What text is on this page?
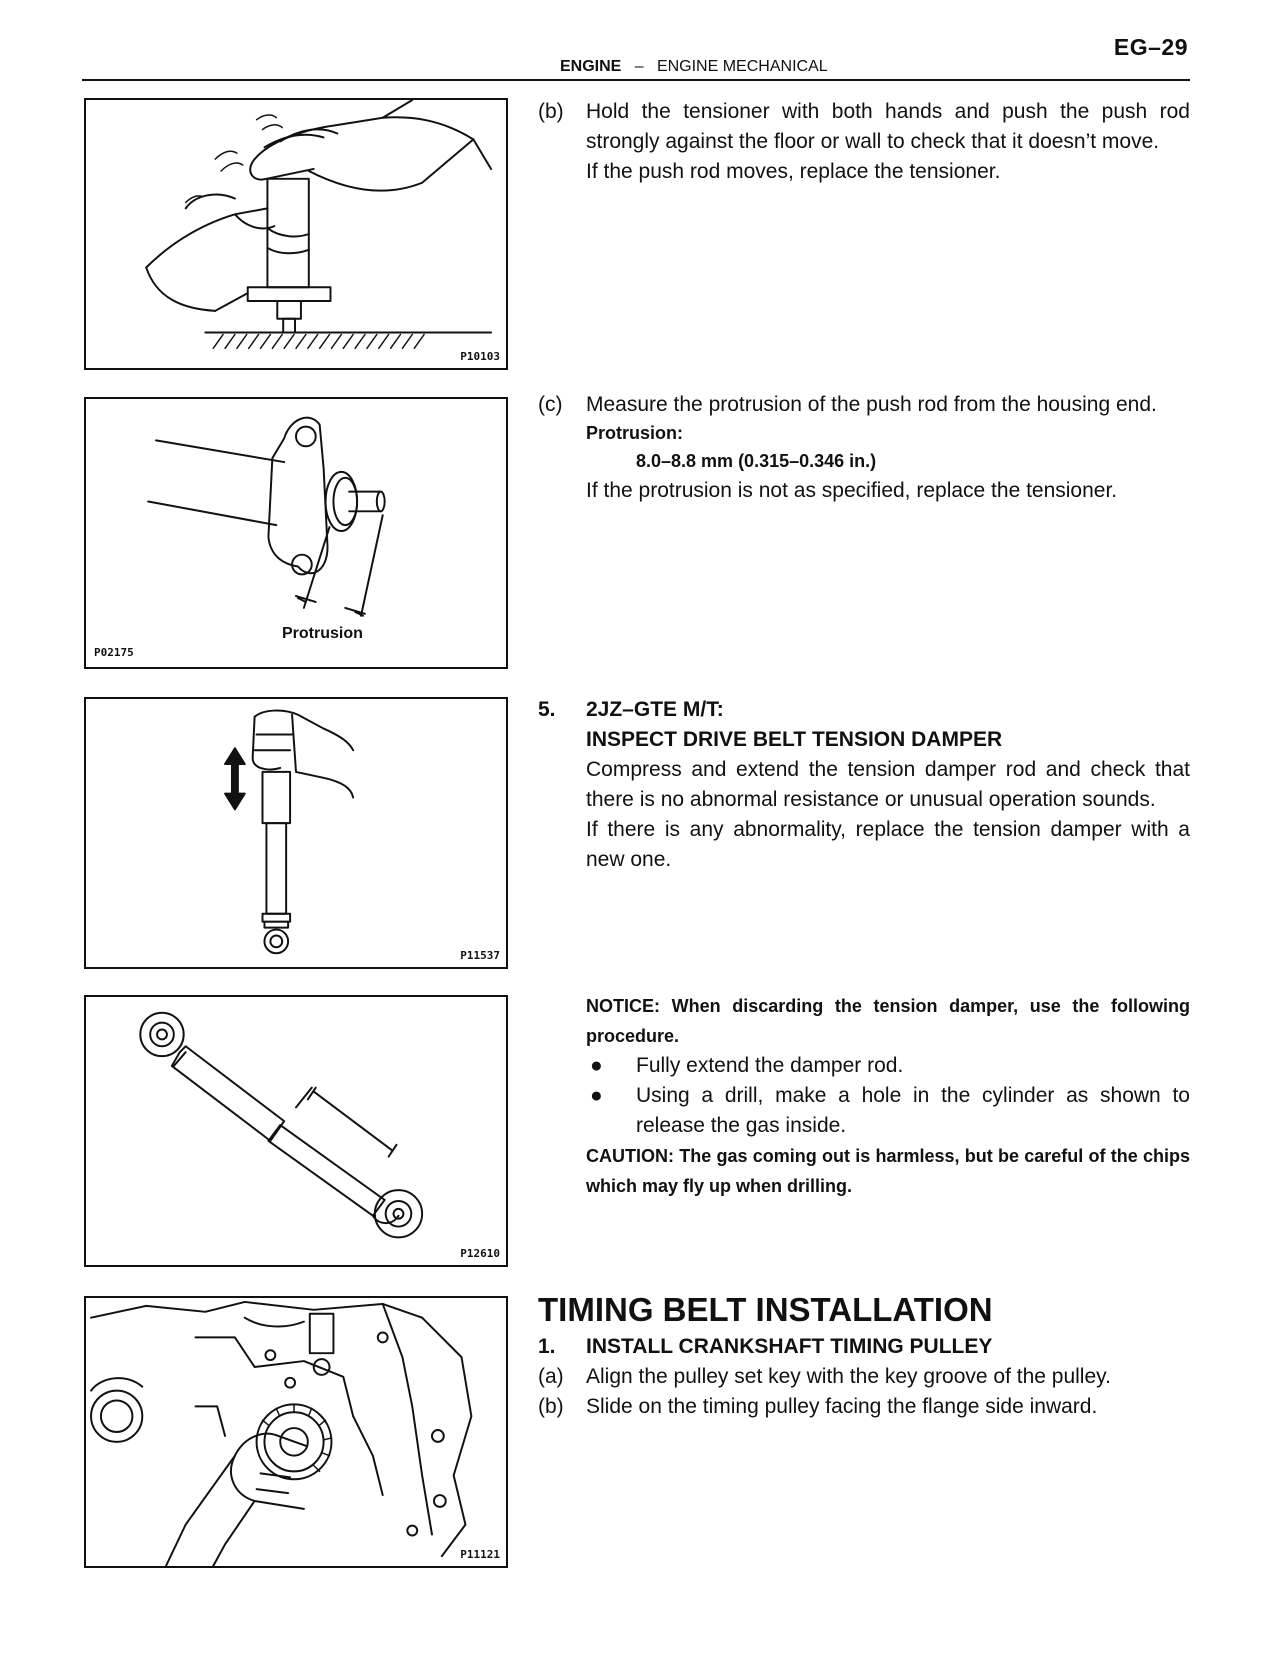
EG–29
ENGINE – ENGINE MECHANICAL
P10103
Protrusion
P02175
P11537
P12610
P11121
(b) Hold the tensioner with both hands and push the push rod strongly against the floor or wall to check that it doesn’t move.
If the push rod moves, replace the tensioner.
(c) Measure the protrusion of the push rod from the housing end.
Protrusion:
8.0–8.8 mm (0.315–0.346 in.)
If the protrusion is not as specified, replace the tensioner.
5. 2JZ–GTE M/T:
INSPECT DRIVE BELT TENSION DAMPER
Compress and extend the tension damper rod and check that there is no abnormal resistance or unusual operation sounds.
If there is any abnormality, replace the tension damper with a new one.
NOTICE: When discarding the tension damper, use the following procedure.
● Fully extend the damper rod.
● Using a drill, make a hole in the cylinder as shown to release the gas inside.
CAUTION: The gas coming out is harmless, but be careful of the chips which may fly up when drilling.
TIMING BELT INSTALLATION
1. INSTALL CRANKSHAFT TIMING PULLEY
(a) Align the pulley set key with the key groove of the pulley.
(b) Slide on the timing pulley facing the flange side inward.
